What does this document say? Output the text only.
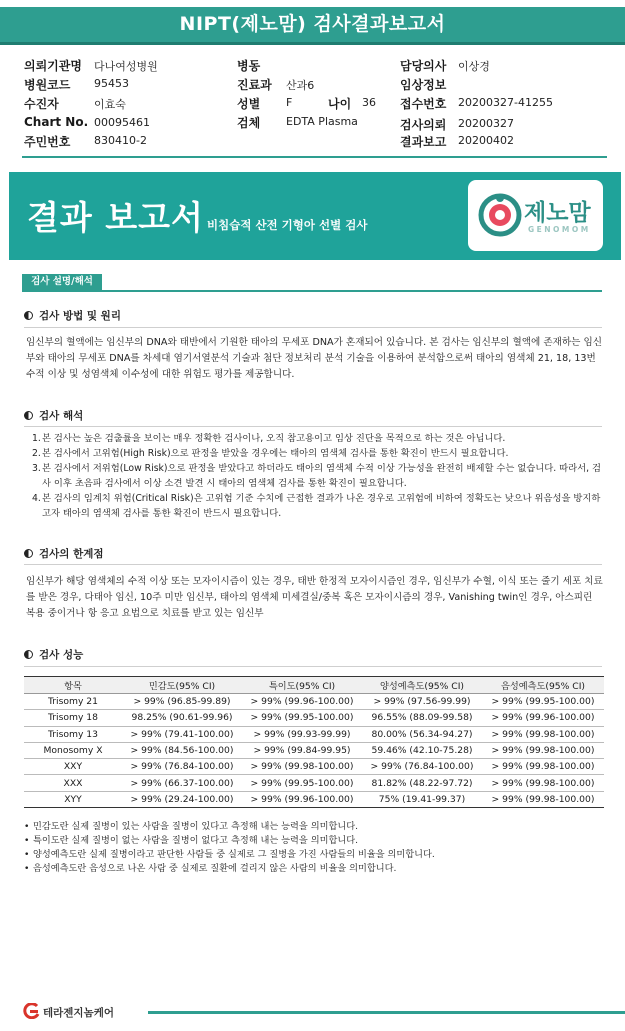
NIPT(제노맘) 검사결과보고서
의뢰기관명 다나여성병원
병원코드 95453
수진자	이효숙
Chart No. 00095461
주민번호 830410-2
병동
진료과 산과6
성별 F	나이 36
검체 EDTA Plasma
담당의사 이상경
임상정보
접수번호 20200327-41255
검사의뢰 20200327
결과보고 20200402
결과 보고서 비침습적 산전 기형아 선별 검사	제노맘
GENOMOM
검사 설명/해석
검사 방법 및 원리
임신부의 혈액에는 임신부의 DNA와 태반에서 기원한 태아의 무세포 DNA가 혼재되어 있습니다. 본 검사는 임신부의 혈액에 존재하는 임신부와 태아의 무세포 DNA를 차세대 염기서열분석 기술과 첨단 정보처리 분석 기술을 이용하여 분석함으로써 태아의 염색체 21, 18, 13번 수적 이상 및 성염색체 이수성에 대한 위험도 평가를 제공합니다.
검사 해석
1. 본 검사는 높은 검출률을 보이는 매우 정확한 검사이나, 오직 참고용이고 임상 진단을 목적으로 하는 것은 아닙니다.
2. 본 검사에서 고위험(High Risk)으로 판정을 받았을 경우에는 태아의 염색체 검사를 통한 확진이 반드시 필요합니다.
3. 본 검사에서 저위험(Low Risk)으로 판정을 받았다고 하더라도 태아의 염색체 수적 이상 가능성을 완전히 배제할 수는 없습니다. 따라서, 검사 이후 초음파 검사에서 이상 소견 발견 시 태아의 염색체 검사를 통한 확진이 필요합니다.
4. 본 검사의 임계치 위험(Critical Risk)은 고위험 기준 수치에 근접한 결과가 나온 경우로 고위험에 비하여 정확도는 낮으나 위음성을 방지하고자 태아의 염색체 검사를 통한 확진이 반드시 필요합니다.
검사의 한계점
임신부가 해당 염색체의 수적 이상 또는 모자이시즘이 있는 경우, 태반 한정적 모자이시즘인 경우, 임신부가 수혈, 이식 또는 줄기 세포 치료를 받은 경우, 다태아 임신, 10주 미만 임신부, 태아의 염색체 미세결실/중복 혹은 모자이시즘의 경우, Vanishing twin인 경우, 아스피린 복용 중이거나 항 응고 요법으로 치료를 받고 있는 임신부
검사 성능
항목	민감도(95% CI)	특이도(95% CI)	양성예측도(95% CI)	음성예측도(95% CI)
Trisomy 21	> 99% (96.85-99.89)	> 99% (99.96-100.00)	> 99% (97.56-99.99)	> 99% (99.95-100.00)
Trisomy 18	98.25% (90.61-99.96)	> 99% (99.95-100.00)	96.55% (88.09-99.58)	> 99% (99.96-100.00)
Trisomy 13	> 99% (79.41-100.00)	> 99% (99.93-99.99)	80.00% (56.34-94.27)	> 99% (99.98-100.00)
Monosomy X	> 99% (84.56-100.00)	> 99% (99.84-99.95)	59.46% (42.10-75.28)	> 99% (99.98-100.00)
XXY	> 99% (76.84-100.00)	> 99% (99.98-100.00)	> 99% (76.84-100.00)	> 99% (99.98-100.00)
XXX	> 99% (66.37-100.00)	> 99% (99.95-100.00)	81.82% (48.22-97.72)	> 99% (99.98-100.00)
XYY	> 99% (29.24-100.00)	> 99% (99.96-100.00)	75% (19.41-99.37)	> 99% (99.98-100.00)
• 민감도란 실제 질병이 있는 사람을 질병이 있다고 측정해 내는 능력을 의미합니다.
• 특이도란 실제 질병이 없는 사람을 질병이 없다고 측정해 내는 능력을 의미합니다.
• 양성예측도란 실제 질병이라고 판단한 사람들 중 실제로 그 질병을 가진 사람들의 비율을 의미합니다.
• 음성예측도란 음성으로 나온 사람 중 실제로 질환에 걸리지 않은 사람의 비율을 의미합니다.
테라젠지놈케어
